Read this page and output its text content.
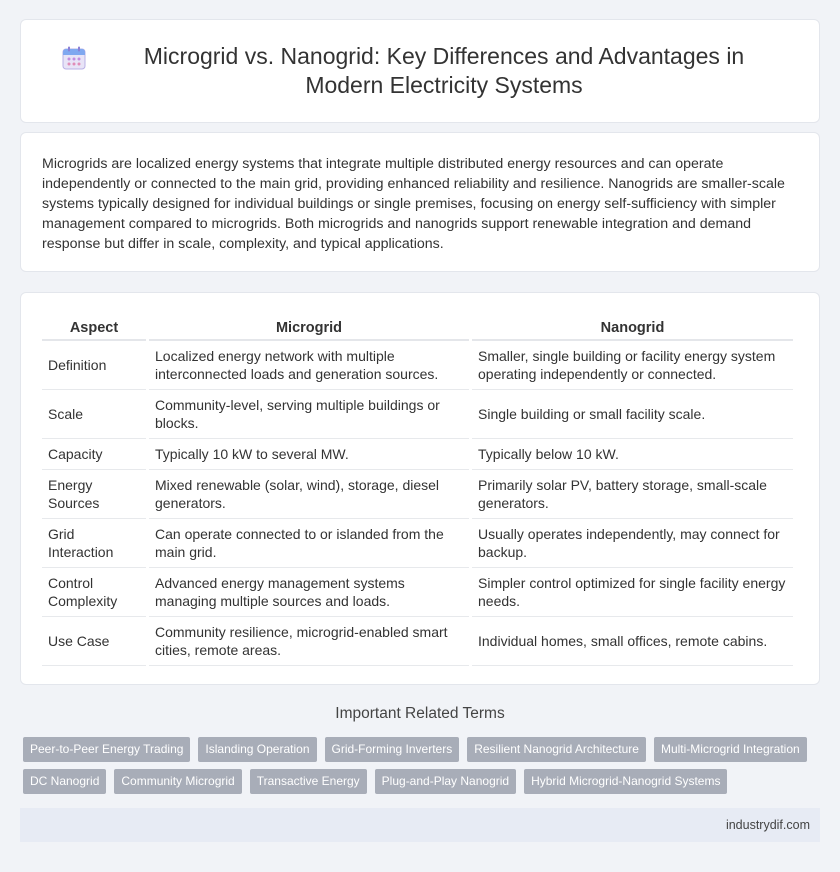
Microgrid vs. Nanogrid: Key Differences and Advantages in Modern Electricity Systems

Microgrids are localized energy systems that integrate multiple distributed energy resources and can operate independently or connected to the main grid, providing enhanced reliability and resilience. Nanogrids are smaller-scale systems typically designed for individual buildings or single premises, focusing on energy self-sufficiency with simpler management compared to microgrids. Both microgrids and nanogrids support renewable integration and demand response but differ in scale, complexity, and typical applications.

Aspect	Microgrid	Nanogrid
Definition	Localized energy network with multiple interconnected loads and generation sources.	Smaller, single building or facility energy system operating independently or connected.
Scale	Community-level, serving multiple buildings or blocks.	Single building or small facility scale.
Capacity	Typically 10 kW to several MW.	Typically below 10 kW.
Energy Sources	Mixed renewable (solar, wind), storage, diesel generators.	Primarily solar PV, battery storage, small-scale generators.
Grid Interaction	Can operate connected to or islanded from the main grid.	Usually operates independently, may connect for backup.
Control Complexity	Advanced energy management systems managing multiple sources and loads.	Simpler control optimized for single facility energy needs.
Use Case	Community resilience, microgrid-enabled smart cities, remote areas.	Individual homes, small offices, remote cabins.
Important Related Terms
Peer-to-Peer Energy Trading	Islanding Operation	Grid-Forming Inverters	Resilient Nanogrid Architecture	Multi-Microgrid Integration
DC Nanogrid	Community Microgrid	Transactive Energy	Plug-and-Play Nanogrid	Hybrid Microgrid-Nanogrid Systems
industrydif.com
